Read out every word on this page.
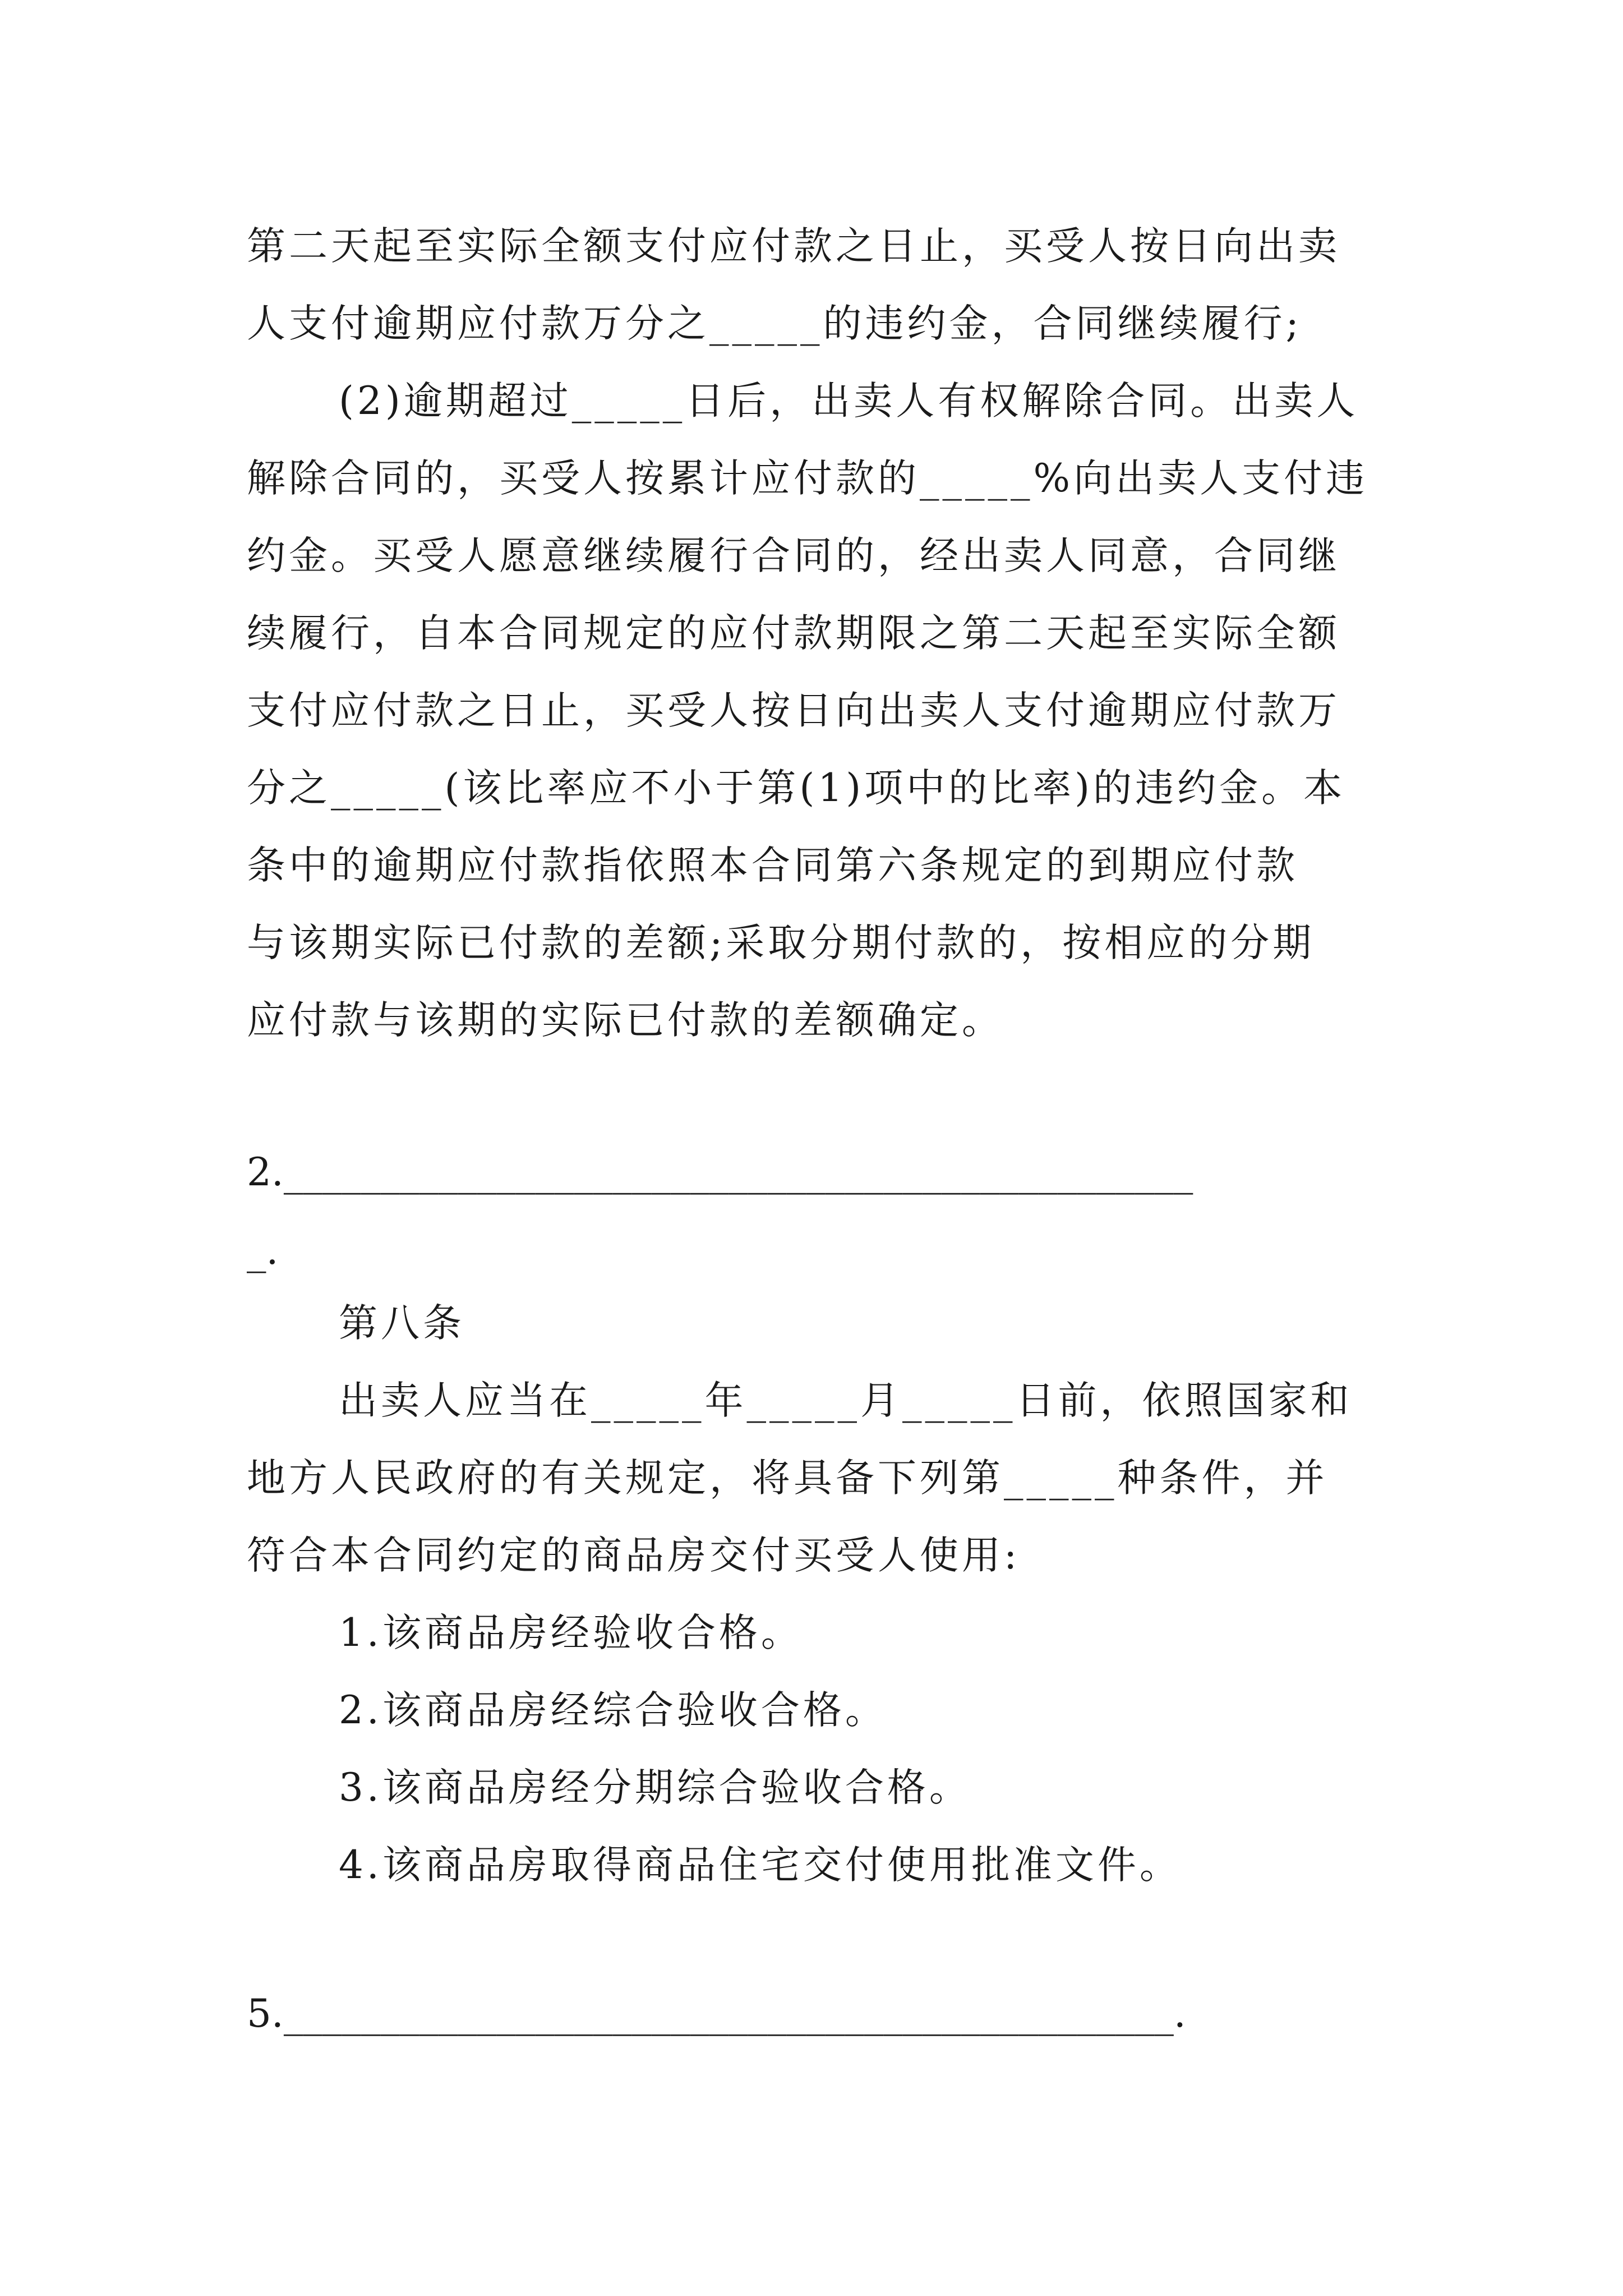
第二天起至实际全额支付应付款之日止，买受人按日向出卖
人支付逾期应付款万分之_____的违约金，合同继续履行;
(2)逾期超过_____日后，出卖人有权解除合同。出卖人
解除合同的，买受人按累计应付款的_____%向出卖人支付违
约金。买受人愿意继续履行合同的，经出卖人同意，合同继
续履行，自本合同规定的应付款期限之第二天起至实际全额
支付应付款之日止，买受人按日向出卖人支付逾期应付款万
分之_____(该比率应不小于第(1)项中的比率)的违约金。本
条中的逾期应付款指依照本合同第六条规定的到期应付款
与该期实际已付款的差额;采取分期付款的，按相应的分期
应付款与该期的实际已付款的差额确定。
2._______________________________________________
_.
第八条
出卖人应当在_____年_____月_____日前，依照国家和
地方人民政府的有关规定，将具备下列第_____种条件，并
符合本合同约定的商品房交付买受人使用:
1.该商品房经验收合格。
2.该商品房经综合验收合格。
3.该商品房经分期综合验收合格。
4.该商品房取得商品住宅交付使用批准文件。
5.______________________________________________.
